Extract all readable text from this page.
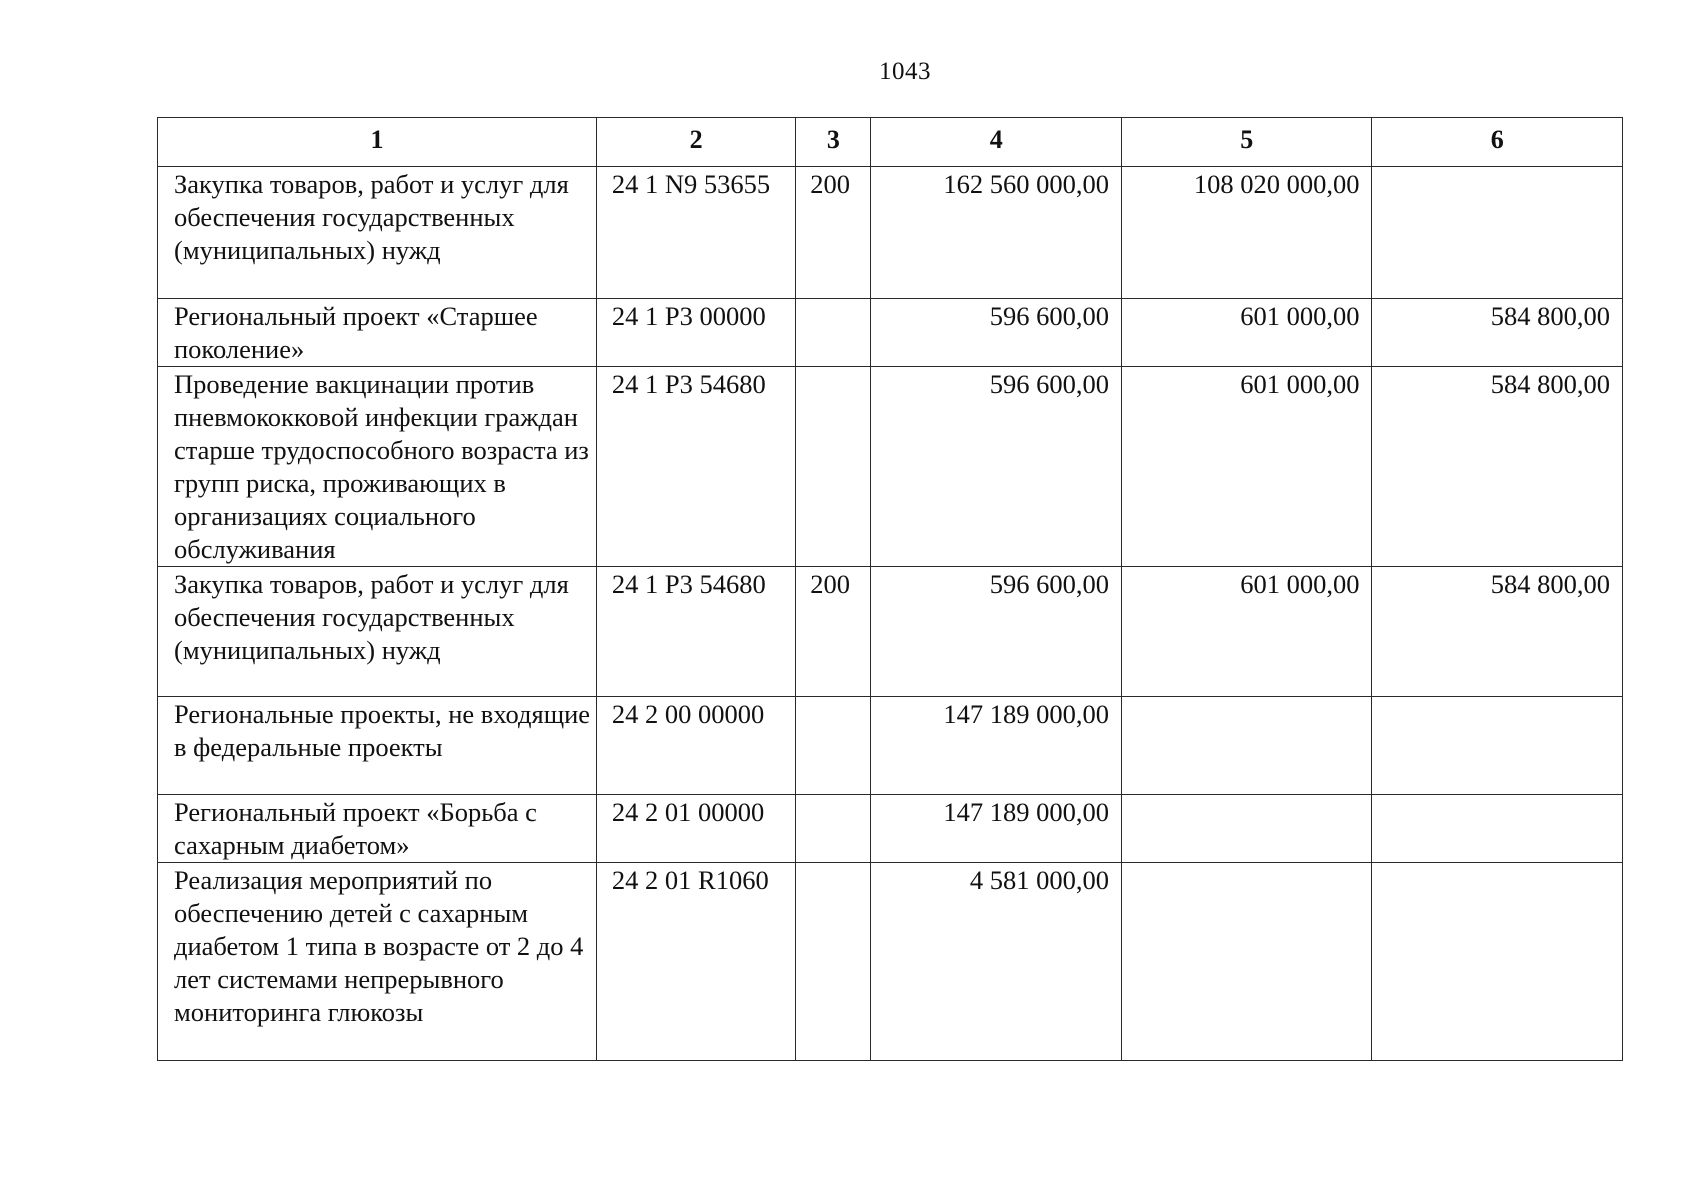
1043
1	2	3	4	5	6
Закупка товаров, работ и услуг для обеспечения государственных (муниципальных) нужд	24 1 N9 53655	200	162 560 000,00	108 020 000,00	
Региональный проект «Старшее поколение»	24 1 P3 00000		596 600,00	601 000,00	584 800,00
Проведение вакцинации против пневмококковой инфекции граждан старше трудоспособного возраста из групп риска, проживающих в организациях социального обслуживания	24 1 P3 54680		596 600,00	601 000,00	584 800,00
Закупка товаров, работ и услуг для обеспечения государственных (муниципальных) нужд	24 1 P3 54680	200	596 600,00	601 000,00	584 800,00
Региональные проекты, не входящие в федеральные проекты	24 2 00 00000		147 189 000,00		
Региональный проект «Борьба с сахарным диабетом»	24 2 01 00000		147 189 000,00		
Реализация мероприятий по обеспечению детей с сахарным диабетом 1 типа в возрасте от 2 до 4 лет системами непрерывного мониторинга глюкозы	24 2 01 R1060		4 581 000,00		
